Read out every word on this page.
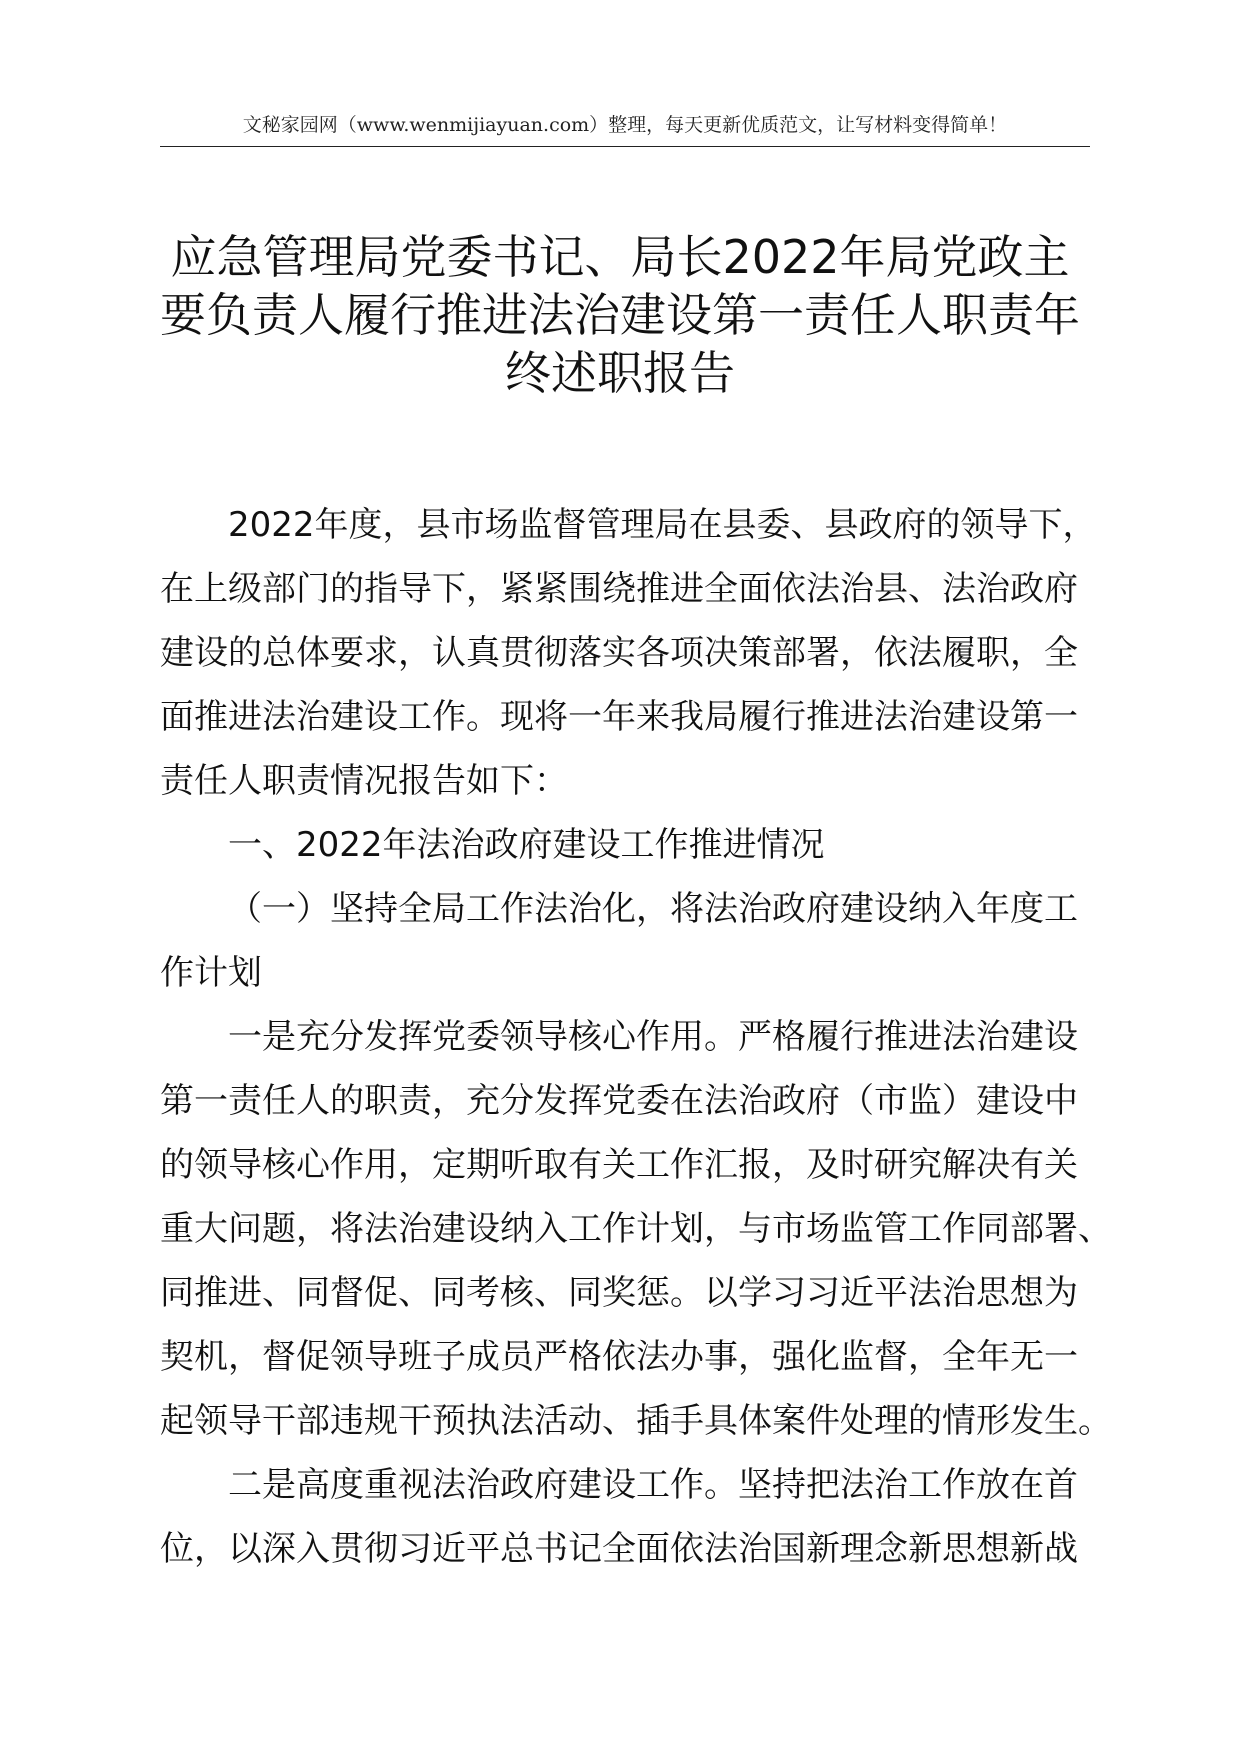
文秘家园网（www.wenmijiayuan.com）整理，每天更新优质范文，让写材料变得简单！
应急管理局党委书记、局长2022年局党政主
要负责人履行推进法治建设第一责任人职责年
终述职报告
2022年度，县市场监督管理局在县委、县政府的领导下，
在上级部门的指导下，紧紧围绕推进全面依法治县、法治政府
建设的总体要求，认真贯彻落实各项决策部署，依法履职，全
面推进法治建设工作。现将一年来我局履行推进法治建设第一
责任人职责情况报告如下：
一、2022年法治政府建设工作推进情况
（一）坚持全局工作法治化，将法治政府建设纳入年度工
作计划
一是充分发挥党委领导核心作用。严格履行推进法治建设
第一责任人的职责，充分发挥党委在法治政府（市监）建设中
的领导核心作用，定期听取有关工作汇报，及时研究解决有关
重大问题，将法治建设纳入工作计划，与市场监管工作同部署、
同推进、同督促、同考核、同奖惩。以学习习近平法治思想为
契机，督促领导班子成员严格依法办事，强化监督，全年无一
起领导干部违规干预执法活动、插手具体案件处理的情形发生。
二是高度重视法治政府建设工作。坚持把法治工作放在首
位，以深入贯彻习近平总书记全面依法治国新理念新思想新战
